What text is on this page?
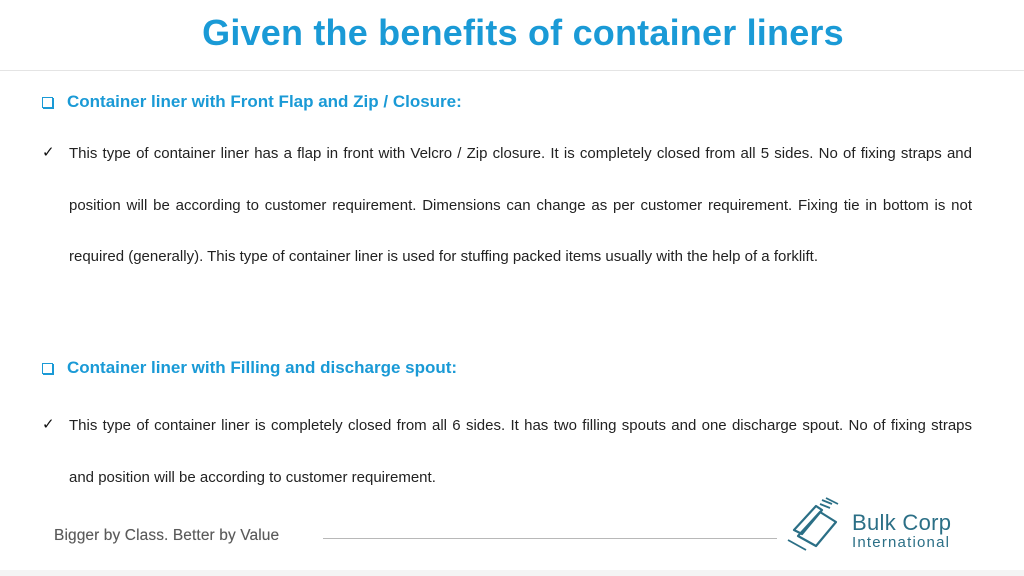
Given the benefits of container liners
Container liner with Front Flap and Zip / Closure:
✓ This type of container liner has a flap in front with Velcro / Zip closure. It is completely closed from all 5 sides. No of fixing straps and position will be according to customer requirement. Dimensions can change as per customer requirement. Fixing tie in bottom is not required (generally). This type of container liner is used for stuffing packed items usually with the help of a forklift.
Container liner with Filling and discharge spout:
✓ This type of container liner is completely closed from all 6 sides. It has two filling spouts and one discharge spout. No of fixing straps and position will be according to customer requirement.
Bigger by Class. Better by Value
Bulk Corp
International
